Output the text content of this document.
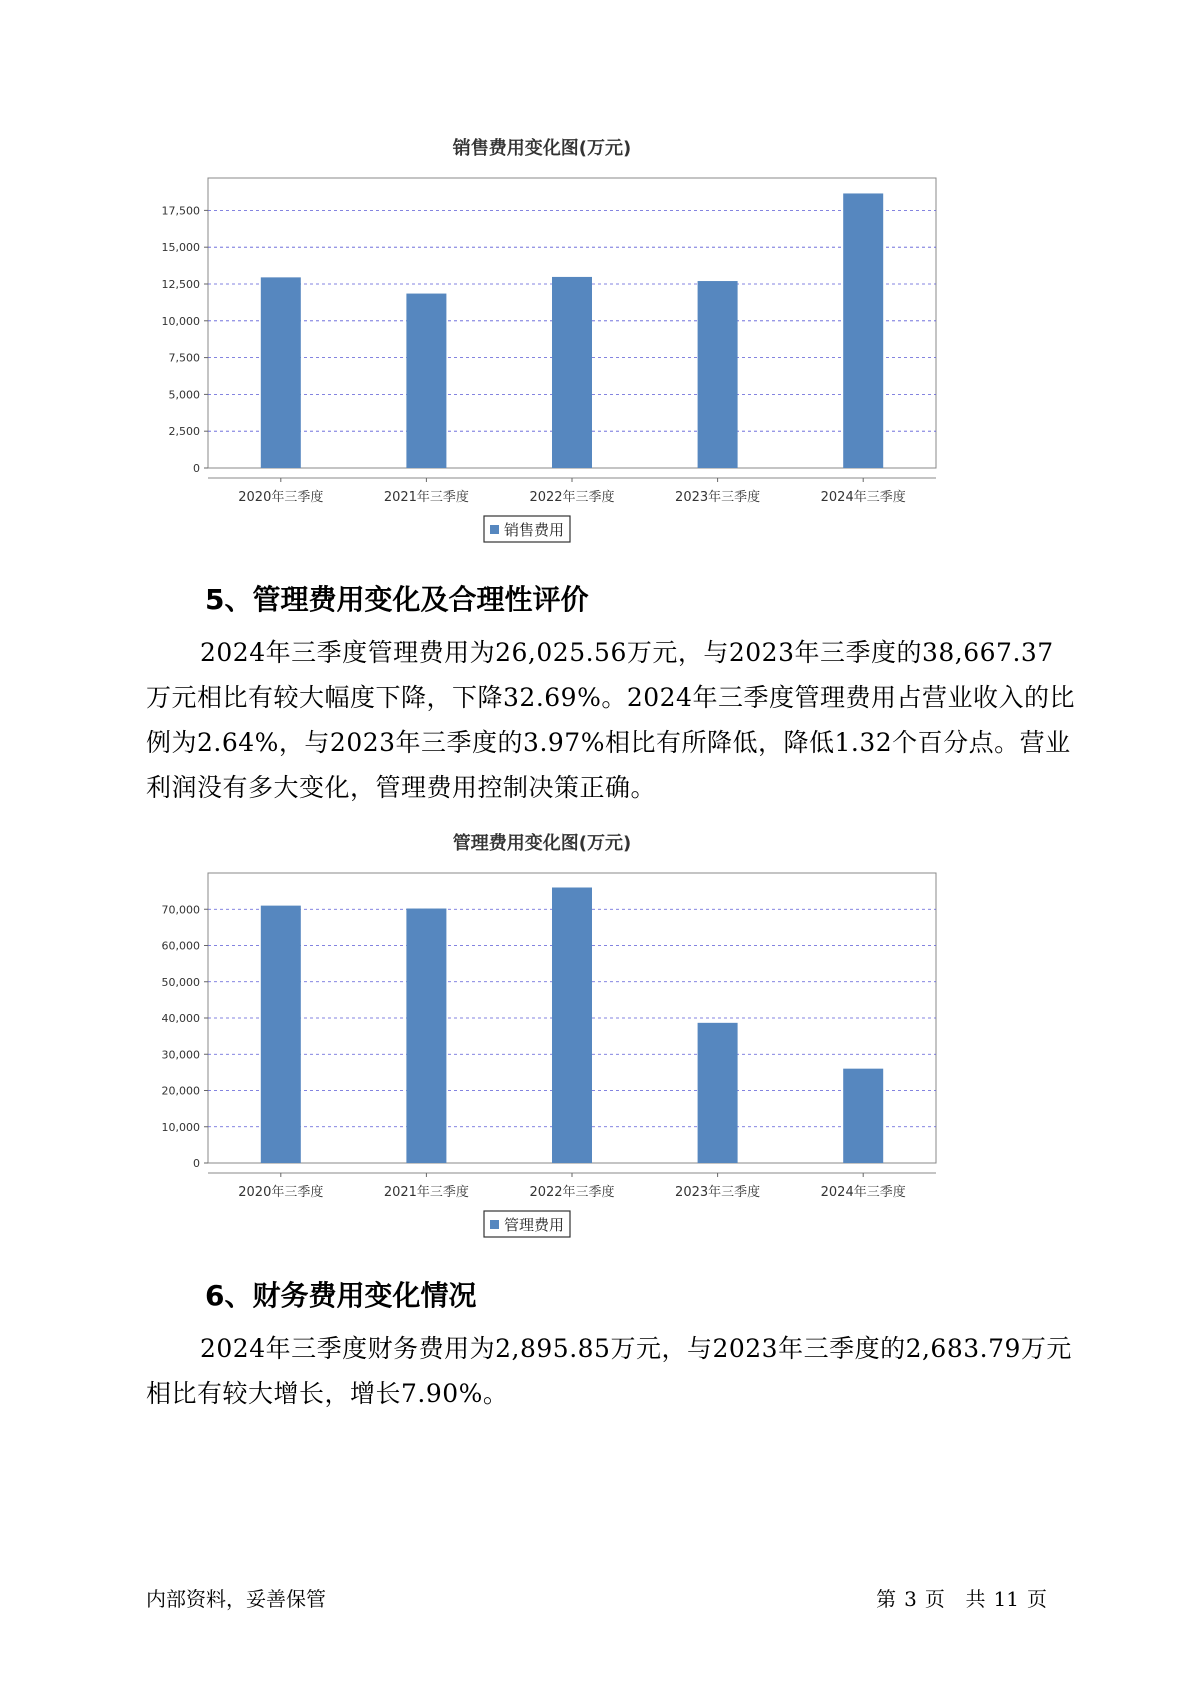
销售费用变化图(万元)
0
2,500
5,000
7,500
10,000
12,500
15,000
17,500
2020年三季度	2021年三季度	2022年三季度	2023年三季度	2024年三季度
销售费用
5、管理费用变化及合理性评价

2024年三季度管理费用为26,025.56万元，与2023年三季度的38,667.37万元相比有较大幅度下降，下降32.69%。2024年三季度管理费用占营业收入的比例为2.64%，与2023年三季度的3.97%相比有所降低，降低1.32个百分点。营业利润没有多大变化，管理费用控制决策正确。

管理费用变化图(万元)
0
10,000
20,000
30,000
40,000
50,000
60,000
70,000
2020年三季度	2021年三季度	2022年三季度	2023年三季度	2024年三季度
管理费用
6、财务费用变化情况

2024年三季度财务费用为2,895.85万元，与2023年三季度的2,683.79万元相比有较大增长，增长7.90%。

内部资料，妥善保管	第 3 页 共 11 页
